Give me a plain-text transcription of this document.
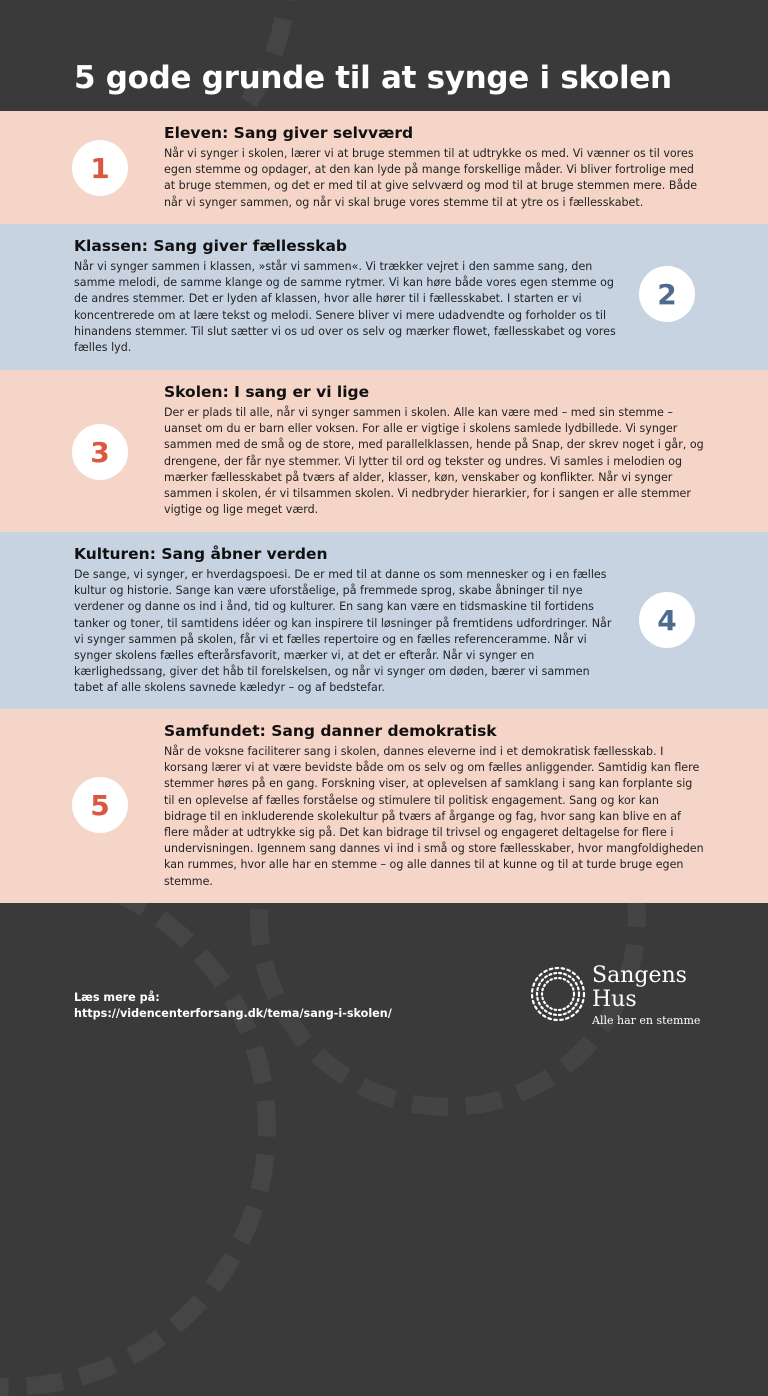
5 gode grunde til at synge i skolen
1
Eleven: Sang giver selvværd

Når vi synger i skolen, lærer vi at bruge stemmen til at udtrykke os med. Vi vænner os til vores egen stemme og opdager, at den kan lyde på mange forskellige måder. Vi bliver fortrolige med at bruge stemmen, og det er med til at give selvværd og mod til at bruge stemmen mere. Både når vi synger sammen, og når vi skal bruge vores stemme til at ytre os i fællesskabet.

Klassen: Sang giver fællesskab

Når vi synger sammen i klassen, »står vi sammen«. Vi trækker vejret i den samme sang, den samme melodi, de samme klange og de samme rytmer. Vi kan høre både vores egen stemme og de andres stemmer. Det er lyden af klassen, hvor alle hører til i fællesskabet. I starten er vi koncentrerede om at lære tekst og melodi. Senere bliver vi mere udadvendte og forholder os til hinandens stemmer. Til slut sætter vi os ud over os selv og mærker flowet, fællesskabet og vores fælles lyd.

2
3
Skolen: I sang er vi lige

Der er plads til alle, når vi synger sammen i skolen. Alle kan være med – med sin stemme – uanset om du er barn eller voksen. For alle er vigtige i skolens samlede lydbillede. Vi synger sammen med de små og de store, med parallelklassen, hende på Snap, der skrev noget i går, og drengene, der får nye stemmer. Vi lytter til ord og tekster og undres. Vi samles i melodien og mærker fællesskabet på tværs af alder, klasser, køn, venskaber og konflikter. Når vi synger sammen i skolen, ér vi tilsammen skolen. Vi nedbryder hierarkier, for i sangen er alle stemmer vigtige og lige meget værd.

Kulturen: Sang åbner verden

De sange, vi synger, er hverdagspoesi. De er med til at danne os som mennesker og i en fælles kultur og historie. Sange kan være uforståelige, på fremmede sprog, skabe åbninger til nye verdener og danne os ind i ånd, tid og kulturer. En sang kan være en tidsmaskine til fortidens tanker og toner, til samtidens idéer og kan inspirere til løsninger på fremtidens udfordringer. Når vi synger sammen på skolen, får vi et fælles repertoire og en fælles referenceramme. Når vi synger skolens fælles efterårsfavorit, mærker vi, at det er efterår. Når vi synger en kærlighedssang, giver det håb til forelskelsen, og når vi synger om døden, bærer vi sammen tabet af alle skolens savnede kæledyr – og af bedstefar.

4
5
Samfundet: Sang danner demokratisk

Når de voksne faciliterer sang i skolen, dannes eleverne ind i et demokratisk fællesskab. I korsang lærer vi at være bevidste både om os selv og om fælles anliggender. Samtidig kan flere stemmer høres på en gang. Forskning viser, at oplevelsen af samklang i sang kan forplante sig til en oplevelse af fælles forståelse og stimulere til politisk engagement. Sang og kor kan bidrage til en inkluderende skolekultur på tværs af årgange og fag, hvor sang kan blive en af flere måder at udtrykke sig på. Det kan bidrage til trivsel og engageret deltagelse for flere i undervisningen. Igennem sang dannes vi ind i små og store fællesskaber, hvor mangfoldigheden kan rummes, hvor alle har en stemme – og alle dannes til at kunne og til at turde bruge egen stemme.

Læs mere på:
https://videncenterforsang.dk/tema/sang-i-skolen/
Sangens
Hus
Alle har en stemme
